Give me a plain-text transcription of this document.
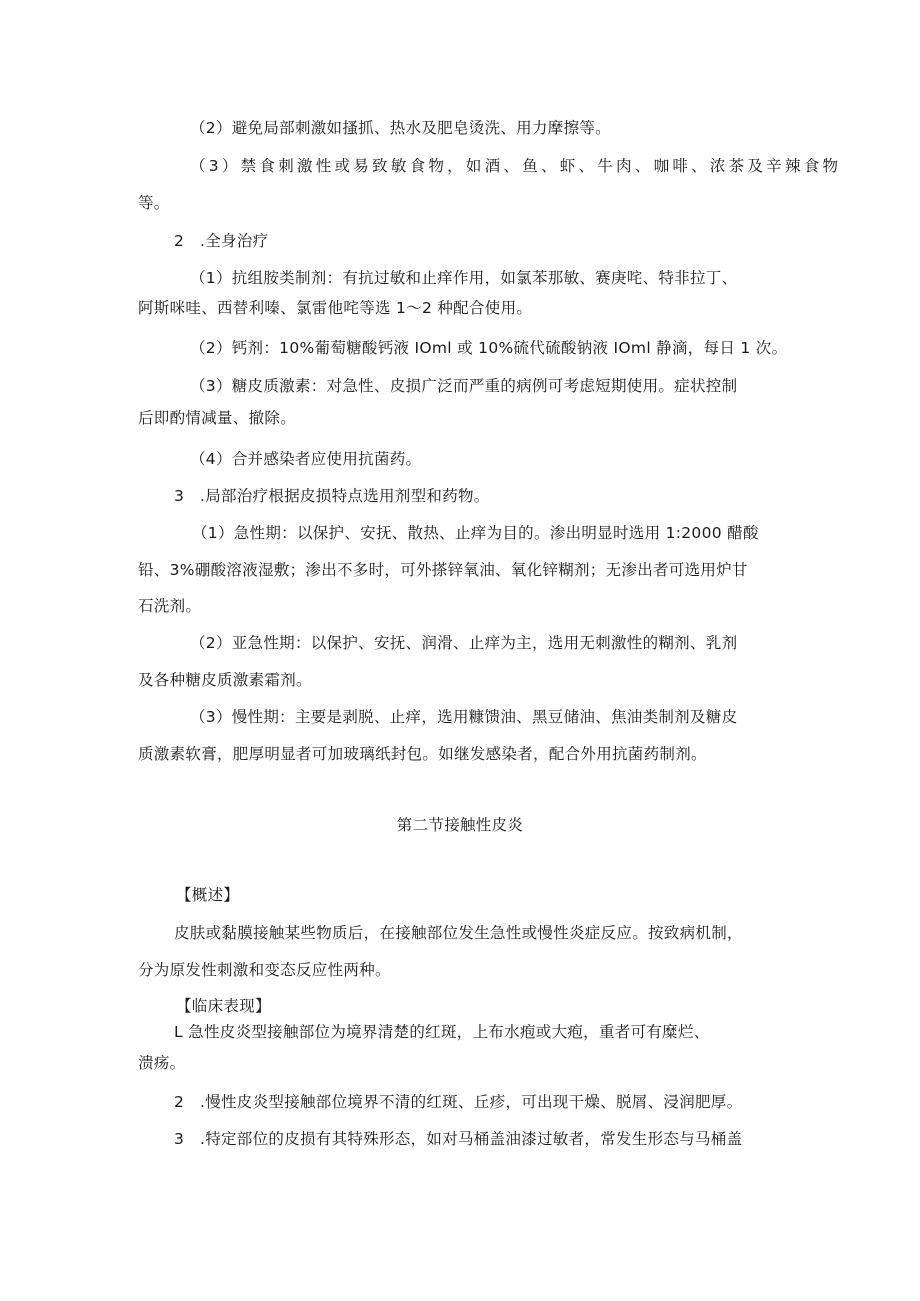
（2）避免局部刺激如搔抓、热水及肥皂烫洗、用力摩擦等。
（3）禁食刺激性或易致敏食物，如酒、鱼、虾、牛肉、咖啡、浓茶及辛辣食物
等。
2　.全身治疗
（1）抗组胺类制剂：有抗过敏和止痒作用，如氯苯那敏、赛庚咤、特非拉丁、
阿斯咪哇、西替利嗪、氯雷他咤等选 1～2 种配合使用。
（2）钙剂：10%葡萄糖酸钙液 IOml 或 10%硫代硫酸钠液 IOml 静滴，每日 1 次。
（3）糖皮质激素：对急性、皮损广泛而严重的病例可考虑短期使用。症状控制
后即酌情减量、撤除。
（4）合并感染者应使用抗菌药。
3　.局部治疗根据皮损特点选用剂型和药物。
（1）急性期：以保护、安抚、散热、止痒为目的。渗出明显时选用 1:2000 醋酸
铅、3%硼酸溶液湿敷；渗出不多时，可外搽锌氧油、氧化锌糊剂；无渗出者可选用炉甘
石洗剂。
（2）亚急性期：以保护、安抚、润滑、止痒为主，选用无刺激性的糊剂、乳剂
及各种糖皮质激素霜剂。
（3）慢性期：主要是剥脱、止痒，选用糠馈油、黑豆储油、焦油类制剂及糖皮
质激素软膏，肥厚明显者可加玻璃纸封包。如继发感染者，配合外用抗菌药制剂。
第二节接触性皮炎
【概述】
皮肤或黏膜接触某些物质后，在接触部位发生急性或慢性炎症反应。按致病机制，
分为原发性刺激和变态反应性两种。
【临床表现】
L 急性皮炎型接触部位为境界清楚的红斑，上布水疱或大疱，重者可有糜烂、
溃疡。
2　.慢性皮炎型接触部位境界不清的红斑、丘疹，可出现干燥、脱屑、浸润肥厚。
3　.特定部位的皮损有其特殊形态，如对马桶盖油漆过敏者，常发生形态与马桶盖
